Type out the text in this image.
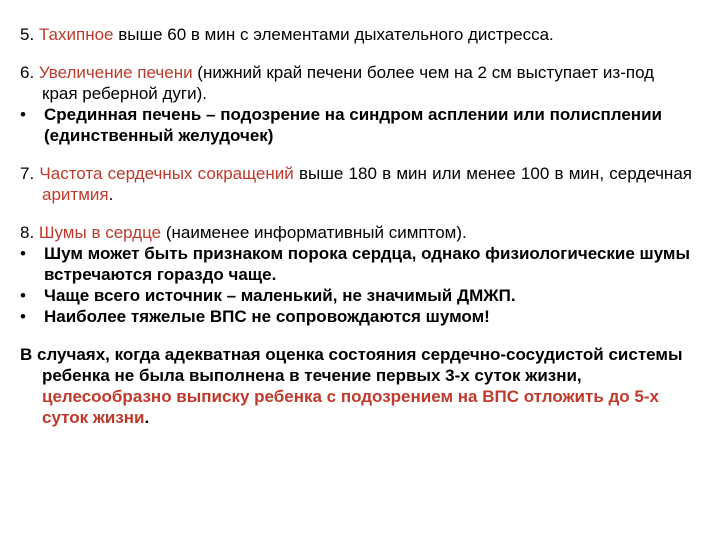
5. Тахипное выше 60 в мин с элементами дыхательного дистресса.

6. Увеличение печени (нижний край печени более чем на 2 см выступает из-под края реберной дуги).

• Срединная печень – подозрение на синдром асплении или полисплении (единственный желудочек)

7. Частота сердечных сокращений выше 180 в мин или менее 100 в мин, сердечная аритмия.

8. Шумы в сердце (наименее информативный симптом).

• Шум может быть признаком порока сердца, однако физиологические шумы встречаются гораздо чаще.

• Чаще всего источник – маленький, не значимый ДМЖП.

• Наиболее тяжелые ВПС не сопровождаются шумом!

В случаях, когда адекватная оценка состояния сердечно-сосудистой системы ребенка не была выполнена в течение первых 3-х суток жизни, целесообразно выписку ребенка с подозрением на ВПС отложить до 5-х суток жизни.
